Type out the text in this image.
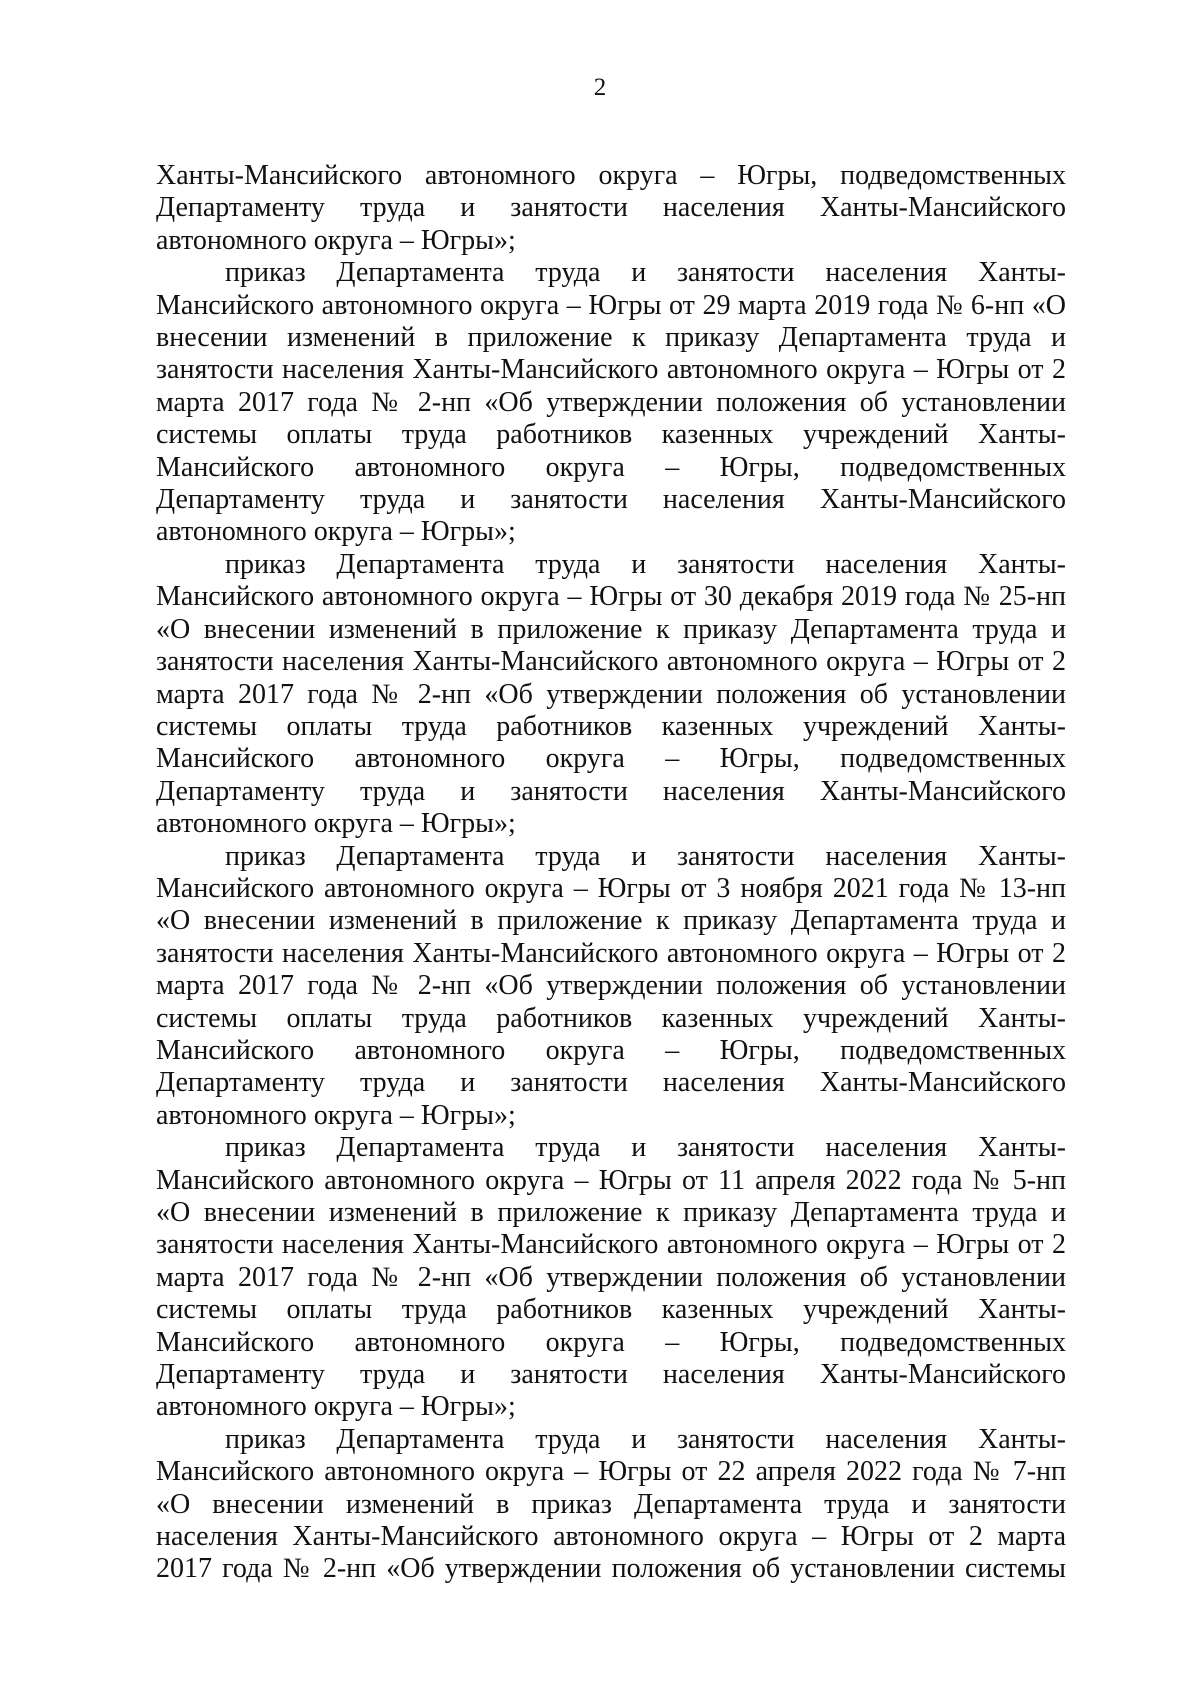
2

Ханты-Мансийского автономного округа – Югры, подведомственных Департаменту труда и занятости населения Ханты-Мансийского автономного округа – Югры»;

приказ Департамента труда и занятости населения Ханты-Мансийского автономного округа – Югры от 29 марта 2019 года № 6-нп «О внесении изменений в приложение к приказу Департамента труда и занятости населения Ханты-Мансийского автономного округа – Югры от 2 марта 2017 года № 2-нп «Об утверждении положения об установлении системы оплаты труда работников казенных учреждений Ханты-Мансийского автономного округа – Югры, подведомственных Департаменту труда и занятости населения Ханты-Мансийского автономного округа – Югры»;

приказ Департамента труда и занятости населения Ханты-Мансийского автономного округа – Югры от 30 декабря 2019 года № 25-нп «О внесении изменений в приложение к приказу Департамента труда и занятости населения Ханты-Мансийского автономного округа – Югры от 2 марта 2017 года № 2-нп «Об утверждении положения об установлении системы оплаты труда работников казенных учреждений Ханты-Мансийского автономного округа – Югры, подведомственных Департаменту труда и занятости населения Ханты-Мансийского автономного округа – Югры»;

приказ Департамента труда и занятости населения Ханты-Мансийского автономного округа – Югры от 3 ноября 2021 года № 13-нп «О внесении изменений в приложение к приказу Департамента труда и занятости населения Ханты-Мансийского автономного округа – Югры от 2 марта 2017 года № 2-нп «Об утверждении положения об установлении системы оплаты труда работников казенных учреждений Ханты-Мансийского автономного округа – Югры, подведомственных Департаменту труда и занятости населения Ханты-Мансийского автономного округа – Югры»;

приказ Департамента труда и занятости населения Ханты-Мансийского автономного округа – Югры от 11 апреля 2022 года № 5-нп «О внесении изменений в приложение к приказу Департамента труда и занятости населения Ханты-Мансийского автономного округа – Югры от 2 марта 2017 года № 2-нп «Об утверждении положения об установлении системы оплаты труда работников казенных учреждений Ханты-Мансийского автономного округа – Югры, подведомственных Департаменту труда и занятости населения Ханты-Мансийского автономного округа – Югры»;

приказ Департамента труда и занятости населения Ханты-Мансийского автономного округа – Югры от 22 апреля 2022 года № 7-нп «О внесении изменений в приказ Департамента труда и занятости населения Ханты-Мансийского автономного округа – Югры от 2 марта 2017 года № 2-нп «Об утверждении положения об установлении системы
